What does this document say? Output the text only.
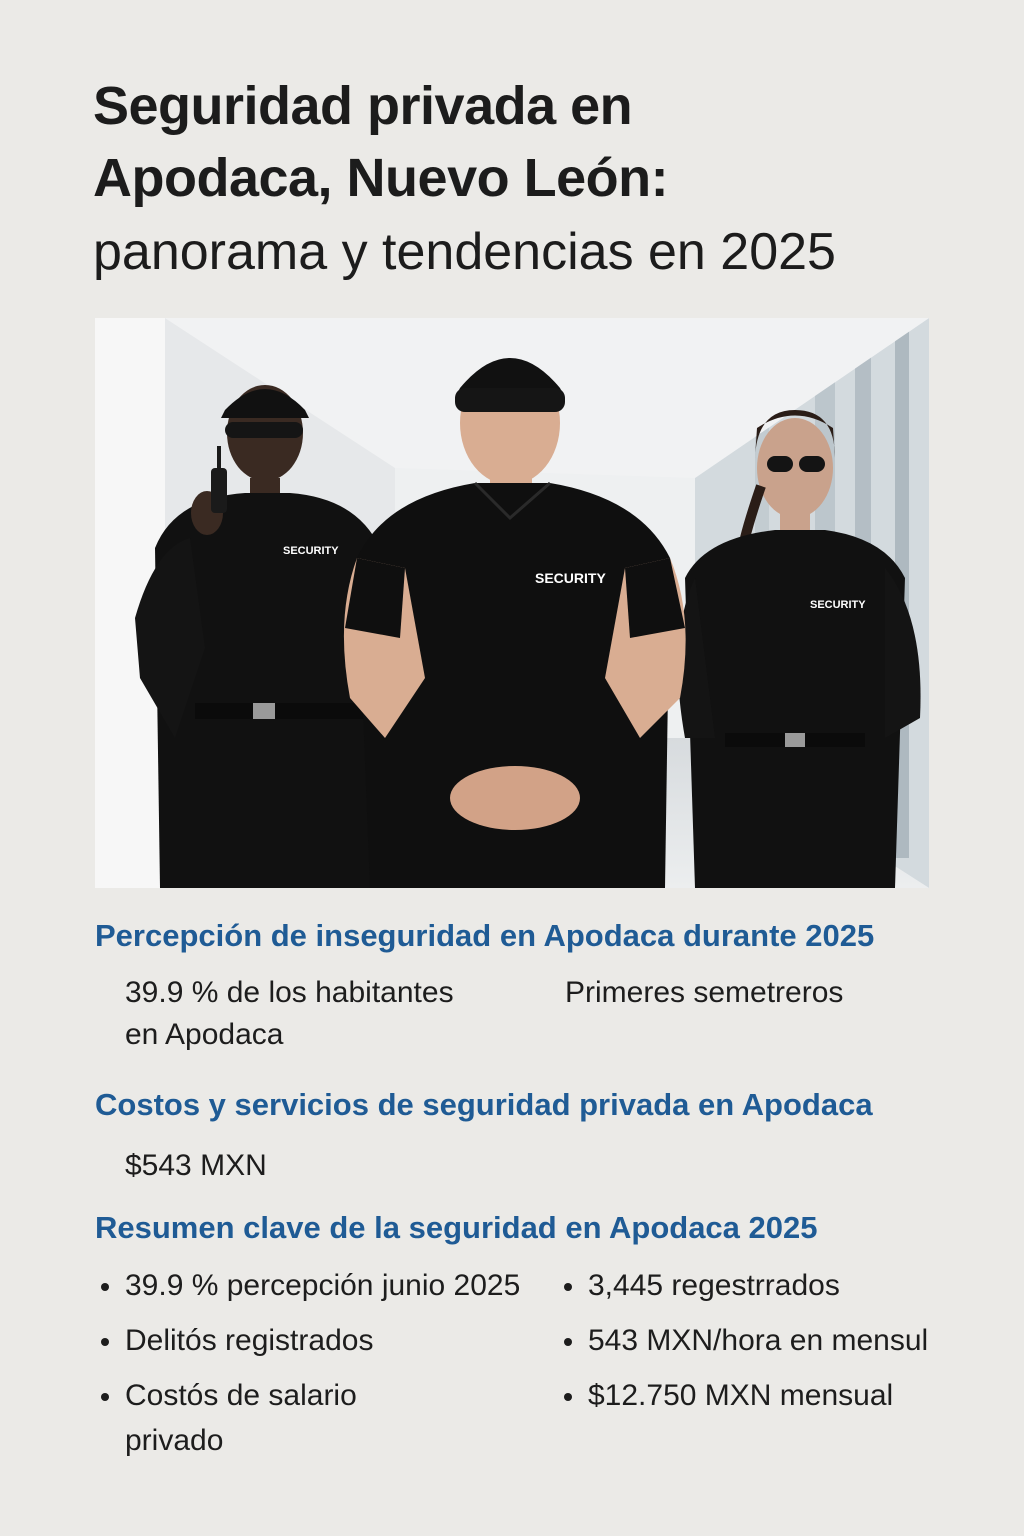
Seguridad privada en
Apodaca, Nuevo León:
panorama y tendencias en 2025
SECURITY
SECURITY
SECURITY
Percepción de inseguridad en Apodaca durante 2025
39.9 % de los habitantes
en Apodaca
Primeres semetreros
Costos y servicios de seguridad privada en Apodaca
$543 MXN
Resumen clave de la seguridad en Apodaca 2025
39.9 % percepción junio 2025
Delitós registrados
Costós de salario privado
3,445 regestrrados
543 MXN/hora en mensul
$12.750 MXN mensual
